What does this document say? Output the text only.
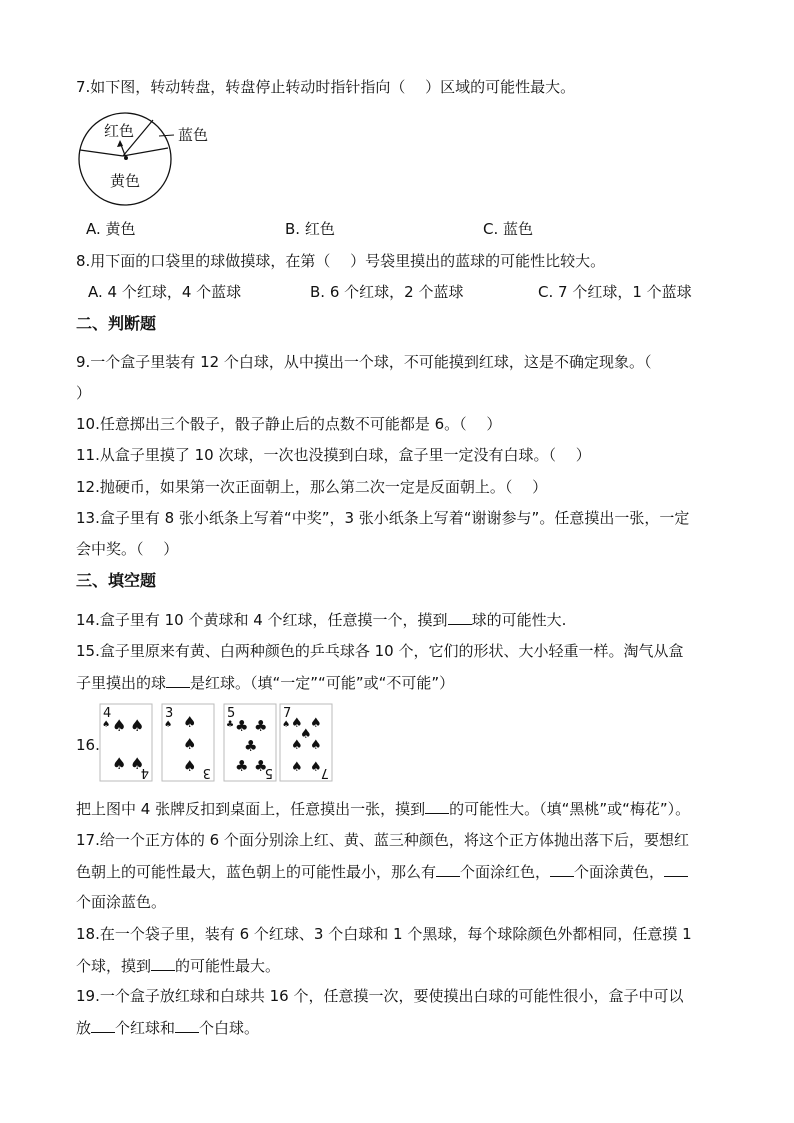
7.如下图，转动转盘，转盘停止转动时指针指向（　 ）区域的可能性最大。
红色
黄色
蓝色
A. 黄色	B. 红色	C. 蓝色
8.用下面的口袋里的球做摸球，在第（　 ）号袋里摸出的蓝球的可能性比较大。
A. 4 个红球，4 个蓝球	B. 6 个红球，2 个蓝球	C. 7 个红球，1 个蓝球
二、判断题
9.一个盒子里装有 12 个白球，从中摸出一个球，不可能摸到红球，这是不确定现象。（
）
10.任意掷出三个骰子，骰子静止后的点数不可能都是 6。（　 ）
11.从盒子里摸了 10 次球，一次也没摸到白球，盒子里一定没有白球。（　 ）
12.抛硬币，如果第一次正面朝上，那么第二次一定是反面朝上。（　 ）
13.盒子里有 8 张小纸条上写着“中奖”，3 张小纸条上写着“谢谢参与”。任意摸出一张，一定
会中奖。（　 ）
三、填空题
14.盒子里有 10 个黄球和 4 个红球，任意摸一个，摸到 球的可能性大.
15.盒子里原来有黄、白两种颜色的乒乓球各 10 个，它们的形状、大小轻重一样。淘气从盒
子里摸出的球 是红球。（填“一定”“可能”或“不可能”）
16.
4
♠ ♠ ♠
♠ ♠
4
3
♠ ♠
♠
♠ 3
5
♣ ♣ ♣
♣
♣ ♣
5
7
♠ ♠ ♠
♠
♠ ♠
♠ ♠ 7
把上图中 4 张牌反扣到桌面上，任意摸出一张，摸到 的可能性大。（填“黑桃”或“梅花”）。
17.给一个正方体的 6 个面分别涂上红、黄、蓝三种颜色，将这个正方体抛出落下后，要想红
色朝上的可能性最大，蓝色朝上的可能性最小，那么有 个面涂红色， 个面涂黄色，
个面涂蓝色。
18.在一个袋子里，装有 6 个红球、3 个白球和 1 个黑球，每个球除颜色外都相同，任意摸 1
个球，摸到 的可能性最大。
19.一个盒子放红球和白球共 16 个，任意摸一次，要使摸出白球的可能性很小，盒子中可以
放 个红球和 个白球。
